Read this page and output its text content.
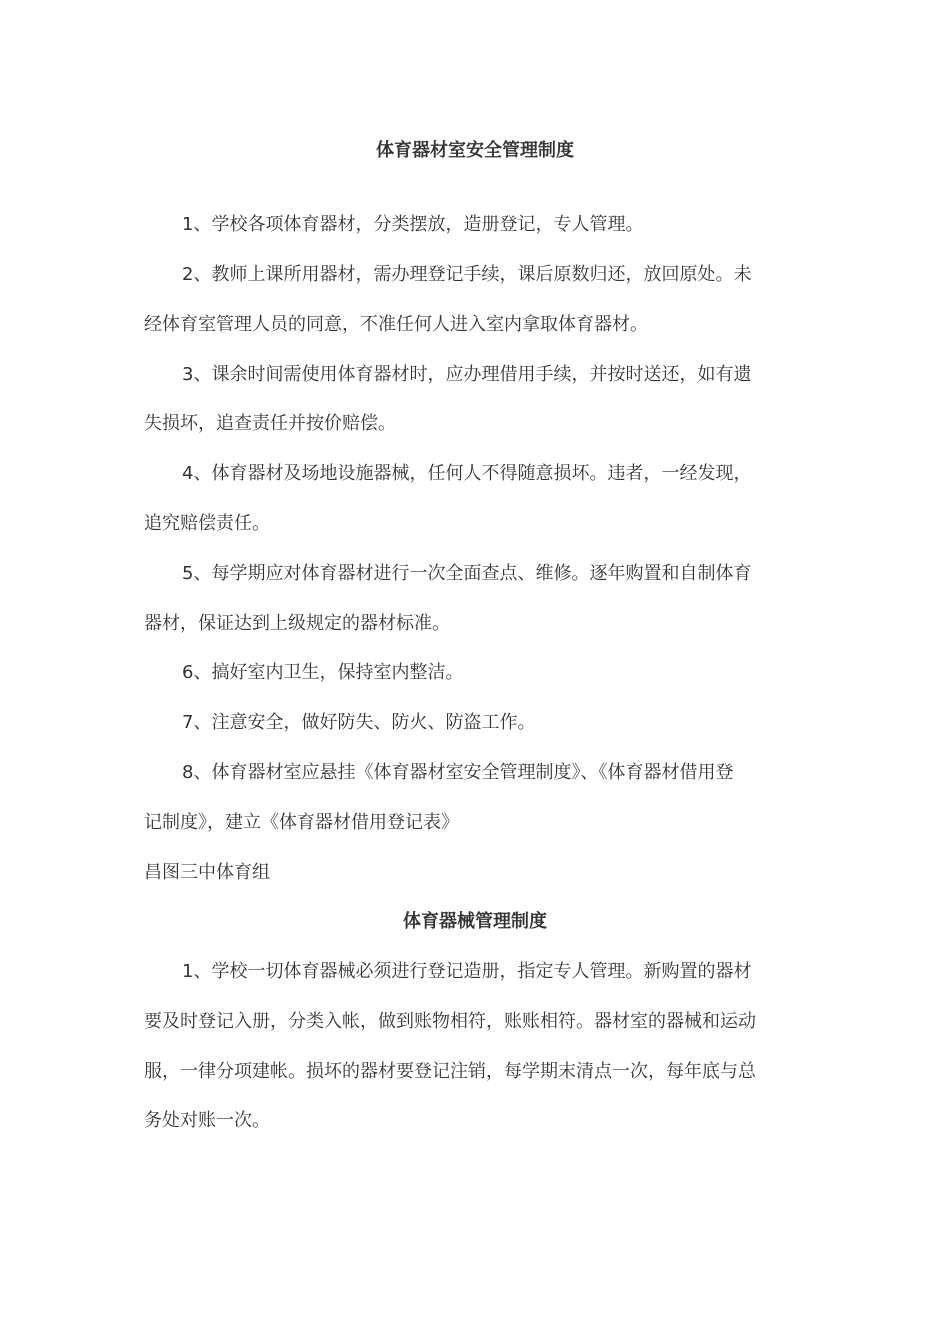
体育器材室安全管理制度
1、学校各项体育器材，分类摆放，造册登记，专人管理。
2、教师上课所用器材，需办理登记手续，课后原数归还，放回原处。未
经体育室管理人员的同意，不准任何人进入室内拿取体育器材。
3、课余时间需使用体育器材时，应办理借用手续，并按时送还，如有遗
失损坏，追查责任并按价赔偿。
4、体育器材及场地设施器械，任何人不得随意损坏。违者，一经发现，
追究赔偿责任。
5、每学期应对体育器材进行一次全面查点、维修。逐年购置和自制体育
器材，保证达到上级规定的器材标准。
6、搞好室内卫生，保持室内整洁。
7、注意安全，做好防失、防火、防盗工作。
8、体育器材室应悬挂《体育器材室安全管理制度》、《体育器材借用登
记制度》，建立《体育器材借用登记表》
昌图三中体育组
体育器械管理制度
1、学校一切体育器械必须进行登记造册，指定专人管理。新购置的器材
要及时登记入册，分类入帐，做到账物相符，账账相符。器材室的器械和运动
服，一律分项建帐。损坏的器材要登记注销，每学期末清点一次，每年底与总
务处对账一次。
